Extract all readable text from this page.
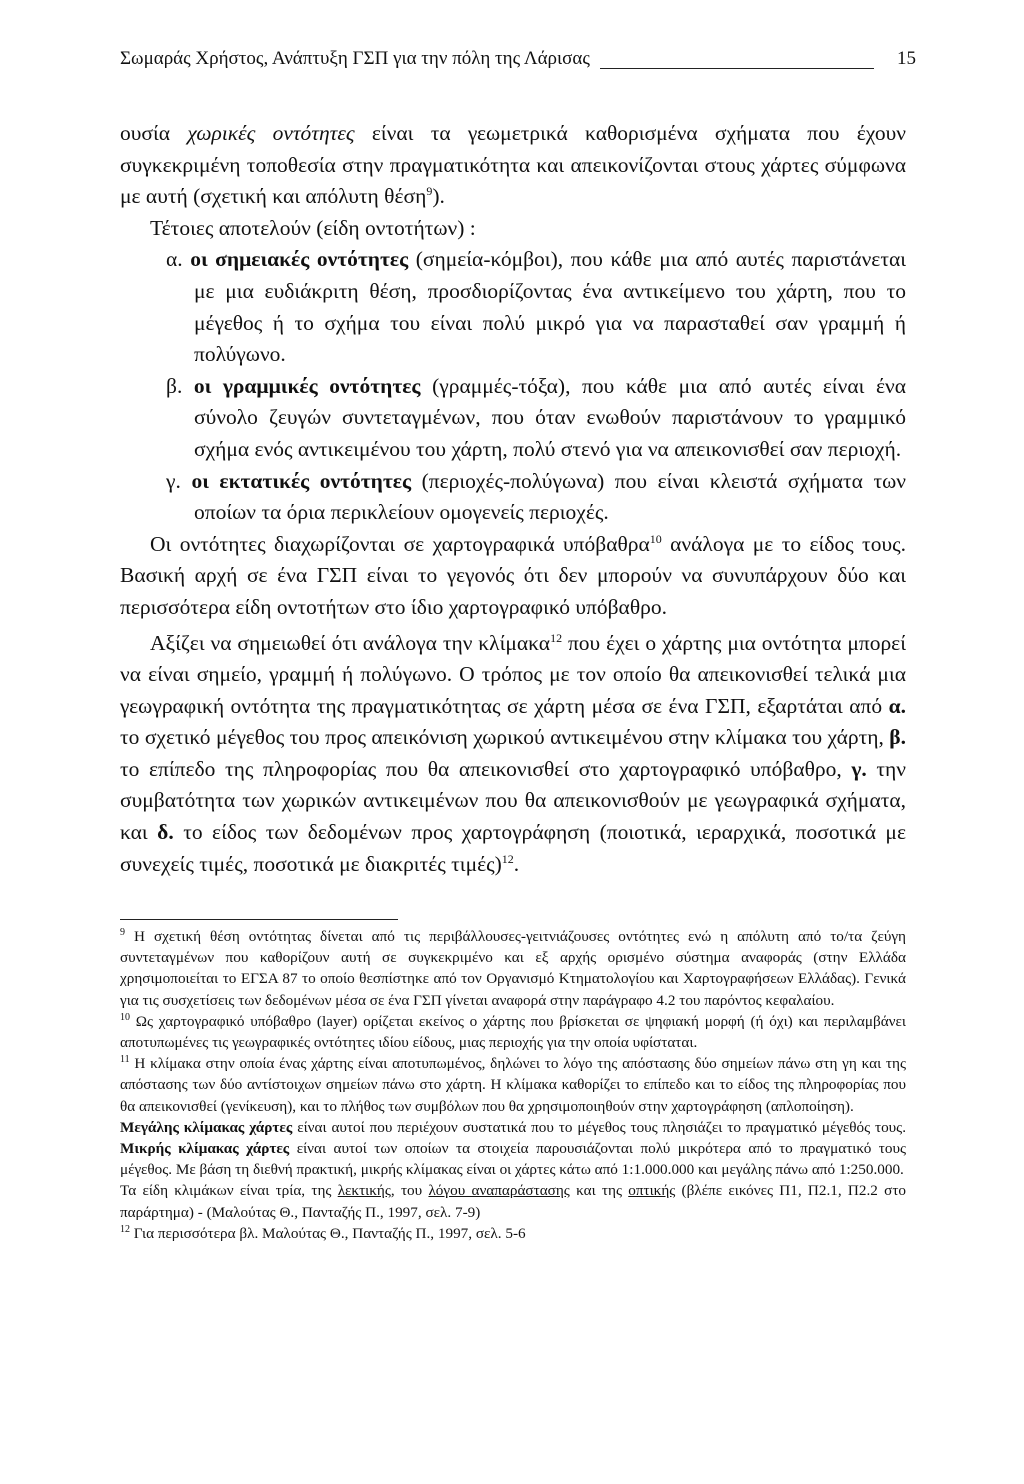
Σωμαράς Χρήστος, Ανάπτυξη ΓΣΠ για την πόλη της Λάρισας	15

ουσία χωρικές οντότητες είναι τα γεωμετρικά καθορισμένα σχήματα που έχουν συγκεκριμένη τοποθεσία στην πραγματικότητα και απεικονίζονται στους χάρτες σύμφωνα με αυτή (σχετική και απόλυτη θέση$^9$).

Τέτοιες αποτελούν (είδη οντοτήτων) :

α. οι σημειακές οντότητες (σημεία-κόμβοι), που κάθε μια από αυτές παριστάνεται με μια ευδιάκριτη θέση, προσδιορίζοντας ένα αντικείμενο του χάρτη, που το μέγεθος ή το σχήμα του είναι πολύ μικρό για να παρασταθεί σαν γραμμή ή πολύγωνο.

β. οι γραμμικές οντότητες (γραμμές-τόξα), που κάθε μια από αυτές είναι ένα σύνολο ζευγών συντεταγμένων, που όταν ενωθούν παριστάνουν το γραμμικό σχήμα ενός αντικειμένου του χάρτη, πολύ στενό για να απεικονισθεί σαν περιοχή.

γ. οι εκτατικές οντότητες (περιοχές-πολύγωνα) που είναι κλειστά σχήματα των οποίων τα όρια περικλείουν ομογενείς περιοχές.

Οι οντότητες διαχωρίζονται σε χαρτογραφικά υπόβαθρα$^{10}$ ανάλογα με το είδος τους. Βασική αρχή σε ένα ΓΣΠ είναι το γεγονός ότι δεν μπορούν να συνυπάρχουν δύο και περισσότερα είδη οντοτήτων στο ίδιο χαρτογραφικό υπόβαθρο.

Αξίζει να σημειωθεί ότι ανάλογα την κλίμακα$^{12}$ που έχει ο χάρτης μια οντότητα μπορεί να είναι σημείο, γραμμή ή πολύγωνο. Ο τρόπος με τον οποίο θα απεικονισθεί τελικά μια γεωγραφική οντότητα της πραγματικότητας σε χάρτη μέσα σε ένα ΓΣΠ, εξαρτάται από α. το σχετικό μέγεθος του προς απεικόνιση χωρικού αντικειμένου στην κλίμακα του χάρτη, β. το επίπεδο της πληροφορίας που θα απεικονισθεί στο χαρτογραφικό υπόβαθρο, γ. την συμβατότητα των χωρικών αντικειμένων που θα απεικονισθούν με γεωγραφικά σχήματα, και δ. το είδος των δεδομένων προς χαρτογράφηση (ποιοτικά, ιεραρχικά, ποσοτικά με συνεχείς τιμές, ποσοτικά με διακριτές τιμές)$^{12}$.

$^9$ Η σχετική θέση οντότητας δίνεται από τις περιβάλλουσες-γειτνιάζουσες οντότητες ενώ η απόλυτη από το/τα ζεύγη συντεταγμένων που καθορίζουν αυτή σε συγκεκριμένο και εξ αρχής ορισμένο σύστημα αναφοράς (στην Ελλάδα χρησιμοποιείται το ΕΓΣΑ 87 το οποίο θεσπίστηκε από τον Οργανισμό Κτηματολογίου και Χαρτογραφήσεων Ελλάδας). Γενικά για τις συσχετίσεις των δεδομένων μέσα σε ένα ΓΣΠ γίνεται αναφορά στην παράγραφο 4.2 του παρόντος κεφαλαίου.

$^{10}$ Ως χαρτογραφικό υπόβαθρο (layer) ορίζεται εκείνος ο χάρτης που βρίσκεται σε ψηφιακή μορφή (ή όχι) και περιλαμβάνει αποτυπωμένες τις γεωγραφικές οντότητες ιδίου είδους, μιας περιοχής για την οποία υφίσταται.

$^{11}$ Η κλίμακα στην οποία ένας χάρτης είναι αποτυπωμένος, δηλώνει το λόγο της απόστασης δύο σημείων πάνω στη γη και της απόστασης των δύο αντίστοιχων σημείων πάνω στο χάρτη. Η κλίμακα καθορίζει το επίπεδο και το είδος της πληροφορίας που θα απεικονισθεί (γενίκευση), και το πλήθος των συμβόλων που θα χρησιμοποιηθούν στην χαρτογράφηση (απλοποίηση).

Μεγάλης κλίμακας χάρτες είναι αυτοί που περιέχουν συστατικά που το μέγεθος τους πλησιάζει το πραγματικό μέγεθός τους. Μικρής κλίμακας χάρτες είναι αυτοί των οποίων τα στοιχεία παρουσιάζονται πολύ μικρότερα από το πραγματικό τους μέγεθος. Με βάση τη διεθνή πρακτική, μικρής κλίμακας είναι οι χάρτες κάτω από 1:1.000.000 και μεγάλης πάνω από 1:250.000.

Τα είδη κλιμάκων είναι τρία, της λεκτικής, του λόγου αναπαράστασης και της οπτικής (βλέπε εικόνες Π1, Π2.1, Π2.2 στο παράρτημα) - (Μαλούτας Θ., Πανταζής Π., 1997, σελ. 7-9)

$^{12}$ Για περισσότερα βλ. Μαλούτας Θ., Πανταζής Π., 1997, σελ. 5-6
